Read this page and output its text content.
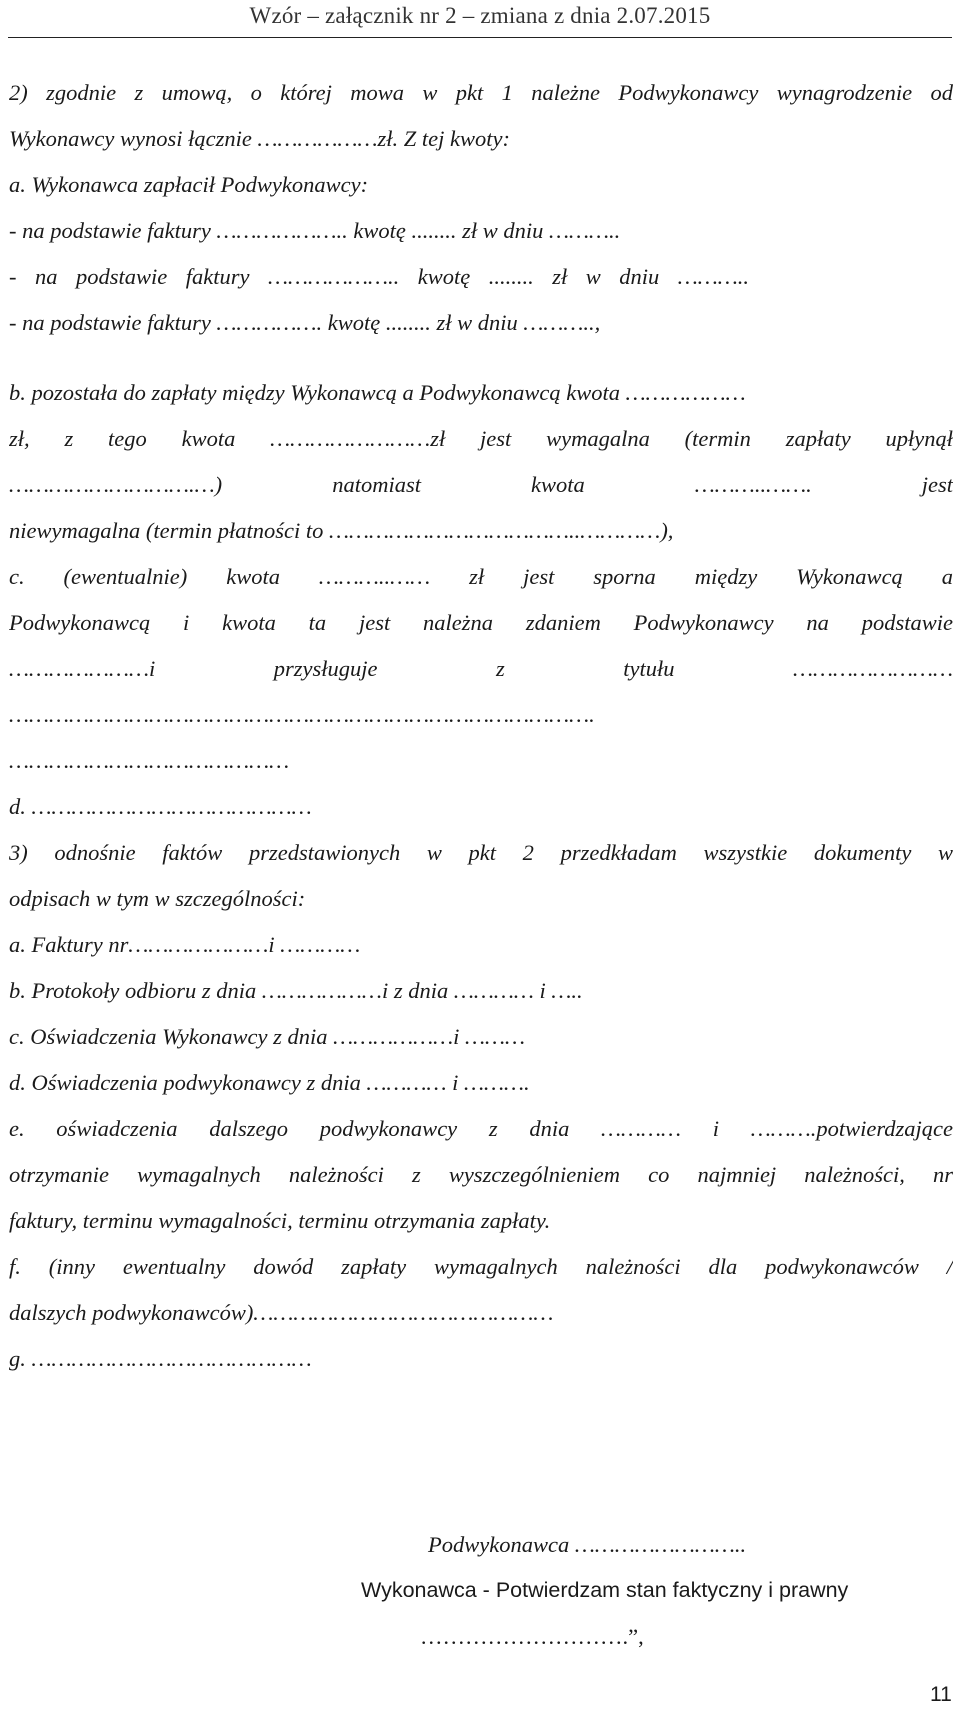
Wzór – załącznik nr 2 – zmiana z dnia 2.07.2015
2) zgodnie z umową, o której mowa w pkt 1 należne Podwykonawcy wynagrodzenie od
Wykonawcy wynosi łącznie ………………zł. Z tej kwoty:
a. Wykonawca zapłacił Podwykonawcy:
- na podstawie faktury ……………….. kwotę ........ zł w dniu ………..
- na podstawie faktury ……………….. kwotę ........ zł w dniu ………..
- na podstawie faktury ……………. kwotę ........ zł w dniu ………..,
b. pozostała do zapłaty między Wykonawcą a Podwykonawcą kwota ………………
zł, z tego kwota ……………………zł jest wymagalna (termin zapłaty upłynął
……………………….…) natomiast kwota ………..……. jest
niewymagalna (termin płatności to ………………………………..…………),
c. (ewentualnie) kwota ………..…… zł jest sporna między Wykonawcą a
Podwykonawcą i kwota ta jest należna zdaniem Podwykonawcy na podstawie
…………………i przysługuje z tytułu ……………………
…………………………………………………………………………….
……………………………………
d. ……………………………………
3) odnośnie faktów przedstawionych w pkt 2 przedkładam wszystkie dokumenty w
odpisach w tym w szczególności:
a. Faktury nr…………………i …………
b. Protokoły odbioru z dnia ………………i z dnia ………… i …..
c. Oświadczenia Wykonawcy z dnia ………………i ………
d. Oświadczenia podwykonawcy z dnia ………… i ……….
e. oświadczenia dalszego podwykonawcy z dnia ………… i ……….potwierdzające
otrzymanie wymagalnych należności z wyszczególnieniem co najmniej należności, nr
faktury, terminu wymagalności, terminu otrzymania zapłaty.
f. (inny ewentualny dowód zapłaty wymagalnych należności dla podwykonawców /
dalszych podwykonawców)………………………………………
g. ……………………………………
Podwykonawca ……………………..
Wykonawca - Potwierdzam stan faktyczny i prawny
……………………….”,
11
